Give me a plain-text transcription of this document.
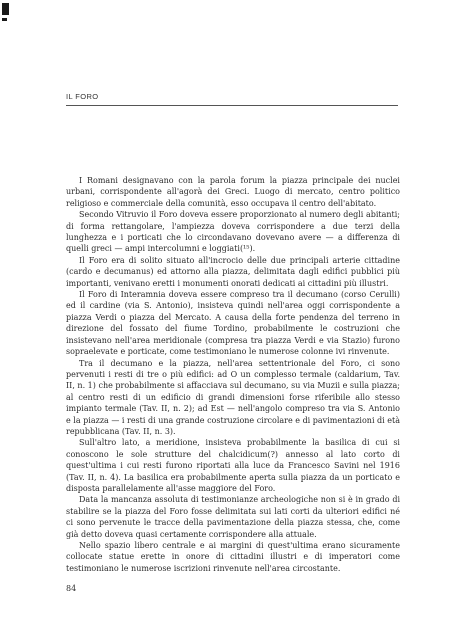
IL FORO

I Romani designavano con la parola forum la piazza principale dei nuclei urbani, corrispondente all'agorà dei Greci. Luogo di mercato, centro politico religioso e commerciale della comunità, esso occupava il centro dell'abitato.

Secondo Vitruvio il Foro doveva essere proporzionato al numero degli abitanti; di forma rettangolare, l'ampiezza doveva corrispondere a due terzi della lunghezza e i porticati che lo circondavano dovevano avere — a differenza di quelli greci — ampi intercolumni e loggiati(¹⁵).

Il Foro era di solito situato all'incrocio delle due principali arterie cittadine (cardo e decumanus) ed attorno alla piazza, delimitata dagli edifici pubblici più importanti, venivano eretti i monumenti onorati dedicati ai cittadini più illustri.

Il Foro di Interamnia doveva essere compreso tra il decumano (corso Cerulli) ed il cardine (via S. Antonio), insisteva quindi nell'area oggi corrispondente a piazza Verdi o piazza del Mercato. A causa della forte pendenza del terreno in direzione del fossato del fiume Tordino, probabilmente le costruzioni che insistevano nell'area meridionale (compresa tra piazza Verdi e via Stazio) furono sopraelevate e porticate, come testimoniano le numerose colonne ivi rinvenute.

Tra il decumano e la piazza, nell'area settentrionale del Foro, ci sono pervenuti i resti di tre o più edifici: ad O un complesso termale (caldarium, Tav. II, n. 1) che probabilmente si affacciava sul decumano, su via Muzii e sulla piazza; al centro resti di un edificio di grandi dimensioni forse riferibile allo stesso impianto termale (Tav. II, n. 2); ad Est — nell'angolo compreso tra via S. Antonio e la piazza — i resti di una grande costruzione circolare e di pavimentazioni di età repubblicana (Tav. II, n. 3).

Sull'altro lato, a meridione, insisteva probabilmente la basilica di cui si conoscono le sole strutture del chalcidicum(?) annesso al lato corto di quest'ultima i cui resti furono riportati alla luce da Francesco Savini nel 1916 (Tav. II, n. 4). La basilica era probabilmente aperta sulla piazza da un porticato e disposta parallelamente all'asse maggiore del Foro.

Data la mancanza assoluta di testimonianze archeologiche non si è in grado di stabilire se la piazza del Foro fosse delimitata sui lati corti da ulteriori edifici né ci sono pervenute le tracce della pavimentazione della piazza stessa, che, come già detto doveva quasi certamente corrispondere alla attuale.

Nello spazio libero centrale e ai margini di quest'ultima erano sicuramente collocate statue erette in onore di cittadini illustri e di imperatori come testimoniano le numerose iscrizioni rinvenute nell'area circostante.

84
